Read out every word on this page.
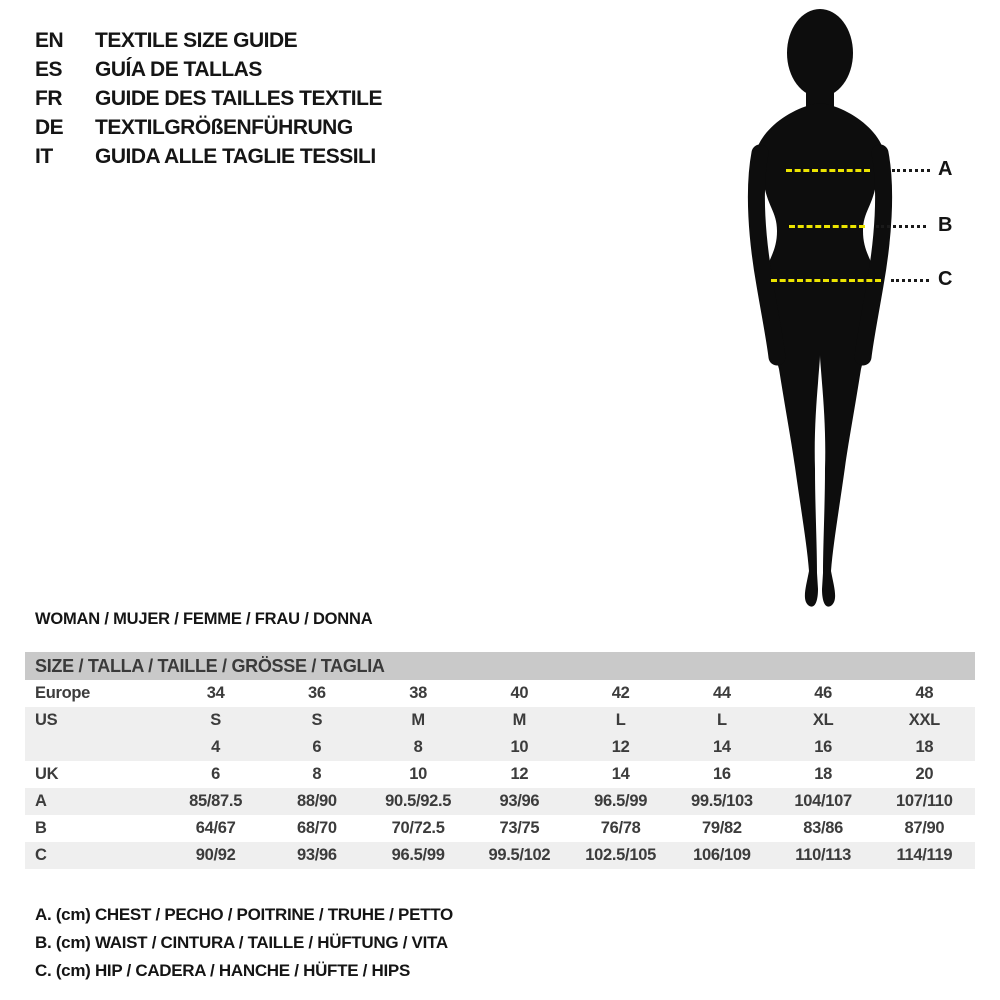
EN	TEXTILE SIZE GUIDE
ES	GUÍA DE TALLAS
FR	GUIDE DES TAILLES TEXTILE
DE	TEXTILGRÖßENFÜHRUNG
IT	GUIDA ALLE TAGLIE TESSILI
A
B
C
WOMAN / MUJER / FEMME / FRAU / DONNA
SIZE / TALLA / TAILLE / GRÖSSE / TAGLIA
Europe	34	36	38	40	42	44	46	48
US	S	S	M	M	L	L	XL	XXL
	4	6	8	10	12	14	16	18
UK	6	8	10	12	14	16	18	20
A	85/87.5	88/90	90.5/92.5	93/96	96.5/99	99.5/103	104/107	107/110
B	64/67	68/70	70/72.5	73/75	76/78	79/82	83/86	87/90
C	90/92	93/96	96.5/99	99.5/102	102.5/105	106/109	110/113	114/119
A. (cm) CHEST / PECHO / POITRINE / TRUHE / PETTO
B. (cm) WAIST / CINTURA / TAILLE / HÜFTUNG / VITA
C. (cm) HIP / CADERA / HANCHE / HÜFTE / HIPS
